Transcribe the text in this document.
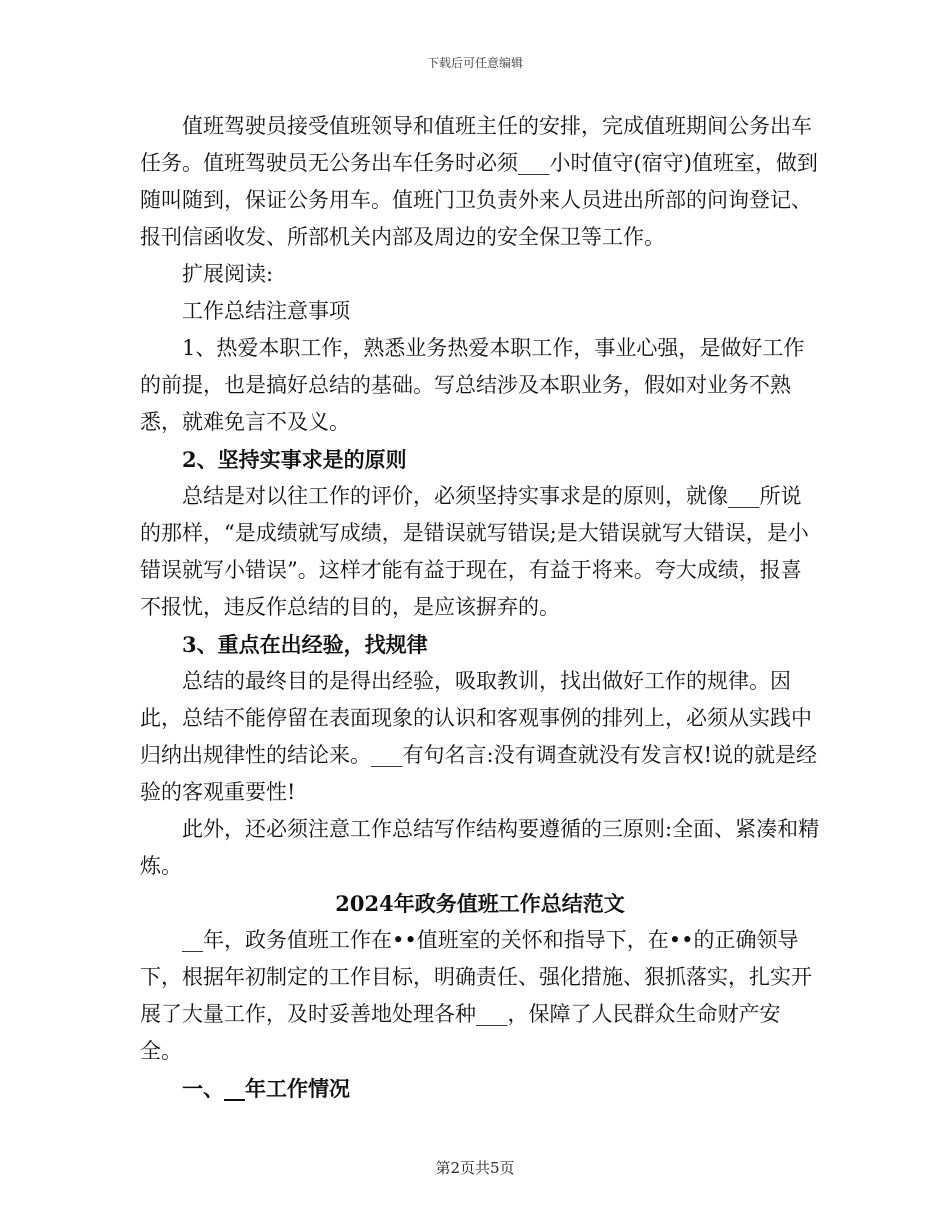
下载后可任意编辑

值班驾驶员接受值班领导和值班主任的安排，完成值班期间公务出车任务。值班驾驶员无公务出车任务时必须___小时值守(宿守)值班室，做到随叫随到，保证公务用车。值班门卫负责外来人员进出所部的问询登记、报刊信函收发、所部机关内部及周边的安全保卫等工作。

扩展阅读:

工作总结注意事项

1、热爱本职工作，熟悉业务热爱本职工作，事业心强，是做好工作的前提，也是搞好总结的基础。写总结涉及本职业务，假如对业务不熟悉，就难免言不及义。

2、坚持实事求是的原则

总结是对以往工作的评价，必须坚持实事求是的原则，就像___所说的那样，“是成绩就写成绩，是错误就写错误;是大错误就写大错误，是小错误就写小错误”。这样才能有益于现在，有益于将来。夸大成绩，报喜不报忧，违反作总结的目的，是应该摒弃的。

3、重点在出经验，找规律

总结的最终目的是得出经验，吸取教训，找出做好工作的规律。因此，总结不能停留在表面现象的认识和客观事例的排列上，必须从实践中归纳出规律性的结论来。___有句名言:没有调查就没有发言权!说的就是经验的客观重要性!

此外，还必须注意工作总结写作结构要遵循的三原则:全面、紧凑和精炼。

2024年政务值班工作总结范文

__年，政务值班工作在••值班室的关怀和指导下，在••的正确领导下，根据年初制定的工作目标，明确责任、强化措施、狠抓落实，扎实开展了大量工作，及时妥善地处理各种___，保障了人民群众生命财产安全。

一、__年工作情况

第2页共5页
